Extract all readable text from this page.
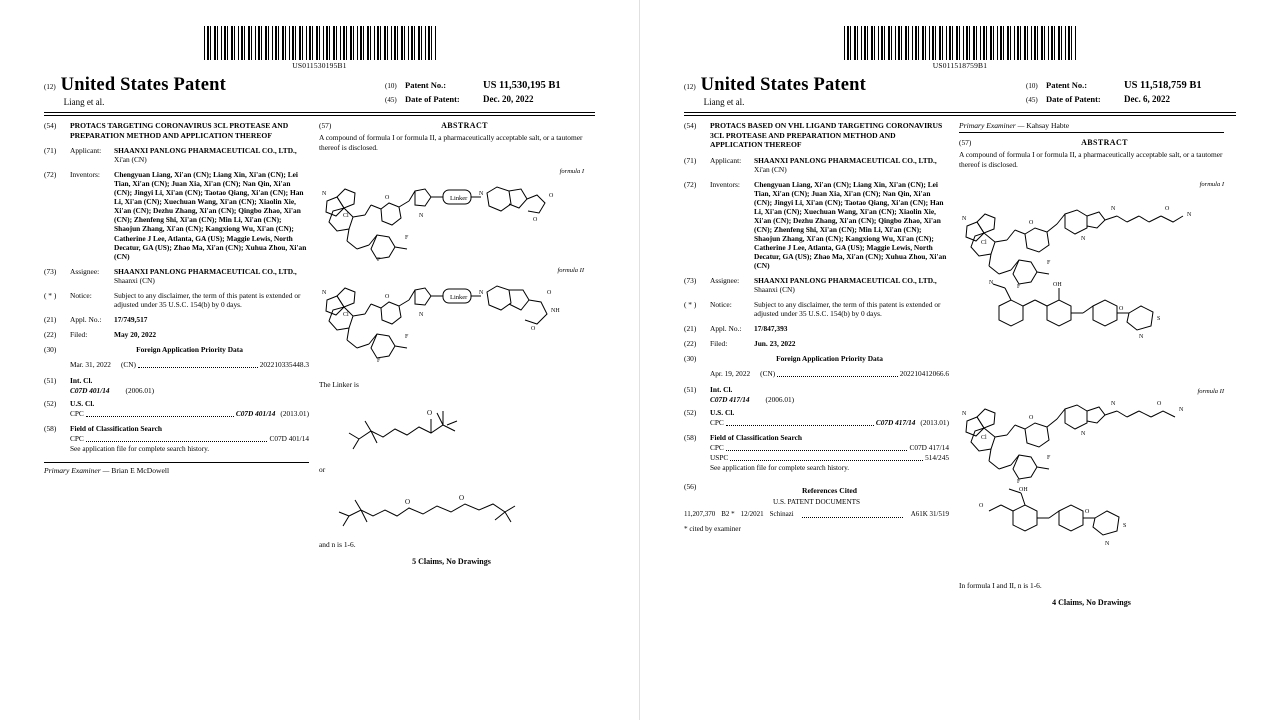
US011530195B1
(12) United States Patent
Liang et al.
(10) Patent No.:	US 11,530,195 B1
(45) Date of Patent:	Dec. 20, 2022
(54)	PROTACS TARGETING CORONAVIRUS 3CL PROTEASE AND PREPARATION METHOD AND APPLICATION THEREOF
(71)	Applicant:	SHAANXI PANLONG PHARMACEUTICAL CO., LTD.,
Xi'an (CN)
(72)	Inventors:	Chengyuan Liang, Xi'an (CN); Liang Xin, Xi'an (CN); Lei Tian, Xi'an (CN); Juan Xia, Xi'an (CN); Nan Qin, Xi'an (CN); Jingyi Li, Xi'an (CN); Taotao Qiang, Xi'an (CN); Han Li, Xi'an (CN); Xuechuan Wang, Xi'an (CN); Xiaolin Xie, Xi'an (CN); Dezhu Zhang, Xi'an (CN); Qingbo Zhao, Xi'an (CN); Zhenfeng Shi, Xi'an (CN); Min Li, Xi'an (CN); Shaojun Zhang, Xi'an (CN); Kangxiong Wu, Xi'an (CN); Catherine J Lee, Atlanta, GA (US); Maggie Lewis, North Decatur, GA (US); Zhao Ma, Xi'an (CN); Xuhua Zhou, Xi'an (CN)
(73)	Assignee:	SHAANXI PANLONG PHARMACEUTICAL CO., LTD.,
Shaanxi (CN)
( * )	Notice:	Subject to any disclaimer, the term of this patent is extended or adjusted under 35 U.S.C. 154(b) by 0 days.
(21)	Appl. No.:	17/749,517
(22)	Filed:	May 20, 2022
(30)	Foreign Application Priority Data
Mar. 31, 2022 (CN)	202210335448.3
(51)	Int. Cl.
C07D 401/14 (2006.01)
(52)	U.S. Cl.
CPC	C07D 401/14 (2013.01)
(58)	Field of Classification Search
CPC	C07D 401/14
See application file for complete search history.
Primary Examiner — Brian E McDowell
(57)	ABSTRACT
A compound of formula I or formula II, a pharmaceutically acceptable salt, or a tautomer thereof is disclosed.
formula I
N
Cl
F
F
O
N
N
O
O
Linker
formula II
N
Cl
F
F
O
N
N
O
NH
O
Linker
The Linker is
O
or
O	O
and n is 1-6.
5 Claims, No Drawings
US011518759B1
(12) United States Patent
Liang et al.
(10) Patent No.:	US 11,518,759 B1
(45) Date of Patent:	Dec. 6, 2022
(54)	PROTACS BASED ON VHL LIGAND TARGETING CORONAVIRUS 3CL PROTEASE AND PREPARATION METHOD AND APPLICATION THEREOF
(71)	Applicant:	SHAANXI PANLONG PHARMACEUTICAL CO., LTD.,
Xi'an (CN)
(72)	Inventors:	Chengyuan Liang, Xi'an (CN); Liang Xin, Xi'an (CN); Lei Tian, Xi'an (CN); Juan Xia, Xi'an (CN); Nan Qin, Xi'an (CN); Jingyi Li, Xi'an (CN); Taotao Qiang, Xi'an (CN); Han Li, Xi'an (CN); Xuechuan Wang, Xi'an (CN); Xiaolin Xie, Xi'an (CN); Dezhu Zhang, Xi'an (CN); Qingbo Zhao, Xi'an (CN); Zhenfeng Shi, Xi'an (CN); Min Li, Xi'an (CN); Shaojun Zhang, Xi'an (CN); Kangxiong Wu, Xi'an (CN); Catherine J Lee, Atlanta, GA (US); Maggie Lewis, North Decatur, GA (US); Zhao Ma, Xi'an (CN); Xuhua Zhou, Xi'an (CN)
(73)	Assignee:	SHAANXI PANLONG PHARMACEUTICAL CO., LTD.,
Shaanxi (CN)
( * )	Notice:	Subject to any disclaimer, the term of this patent is extended or adjusted under 35 U.S.C. 154(b) by 0 days.
(21)	Appl. No.:	17/847,393
(22)	Filed:	Jun. 23, 2022
(30)	Foreign Application Priority Data
Apr. 19, 2022 (CN)	202210412066.6
(51)	Int. Cl.
C07D 417/14 (2006.01)
(52)	U.S. Cl.
CPC	C07D 417/14 (2013.01)
(58)	Field of Classification Search
CPC	C07D 417/14
USPC	514/245
See application file for complete search history.
(56)	References Cited
U.S. PATENT DOCUMENTS
11,207,370 B2 * 12/2021 Schinazi	A61K 31/519
* cited by examiner
Primary Examiner — Kahsay Habte
(57)	ABSTRACT
A compound of formula I or formula II, a pharmaceutically acceptable salt, or a tautomer thereof is disclosed.
formula I
N
Cl
F
F
O
N
N	O
N
OH
N
N
S
O
formula II
N
Cl
F
F
O
N
N	O
N
OH
O
N
S
O
In formula I and II, n is 1-6.
4 Claims, No Drawings
